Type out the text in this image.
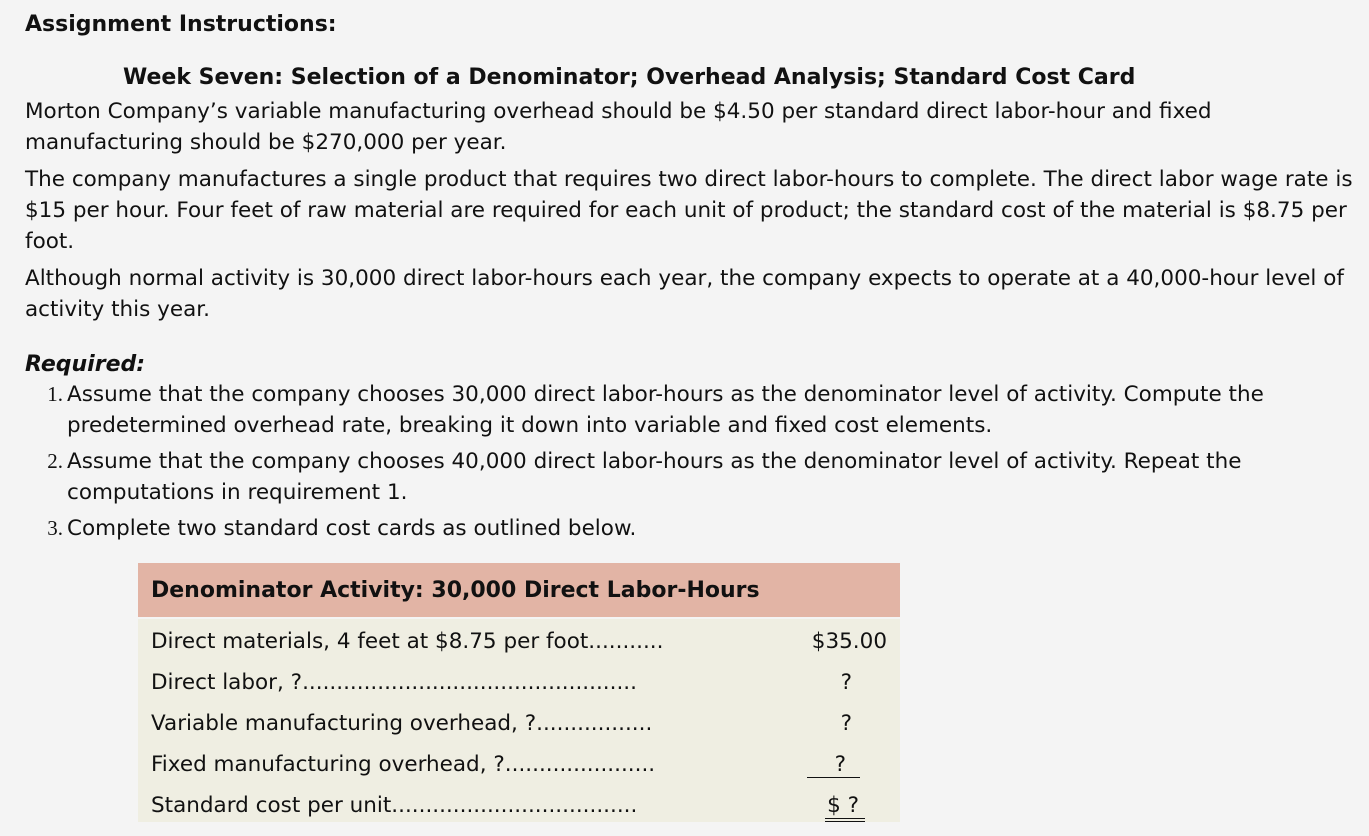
Assignment Instructions:
Week Seven: Selection of a Denominator; Overhead Analysis; Standard Cost Card

Morton Company’s variable manufacturing overhead should be $4.50 per standard direct labor-hour and fixed manufacturing should be $270,000 per year.

The company manufactures a single product that requires two direct labor-hours to complete. The direct labor wage rate is $15 per hour. Four feet of raw material are required for each unit of product; the standard cost of the material is $8.75 per foot.

Although normal activity is 30,000 direct labor-hours each year, the company expects to operate at a 40,000-hour level of activity this year.

Required:
1. Assume that the company chooses 30,000 direct labor-hours as the denominator level of activity. Compute the predetermined overhead rate, breaking it down into variable and fixed cost elements.
2. Assume that the company chooses 40,000 direct labor-hours as the denominator level of activity. Repeat the computations in requirement 1.
3. Complete two standard cost cards as outlined below.
Denominator Activity: 30,000 Direct Labor-Hours
Direct materials, 4 feet at $8.75 per foot...........	$35.00
Direct labor, ?.................................................	?
Variable manufacturing overhead, ?.................	?
Fixed manufacturing overhead, ?......................	?
Standard cost per unit....................................	$ ?
